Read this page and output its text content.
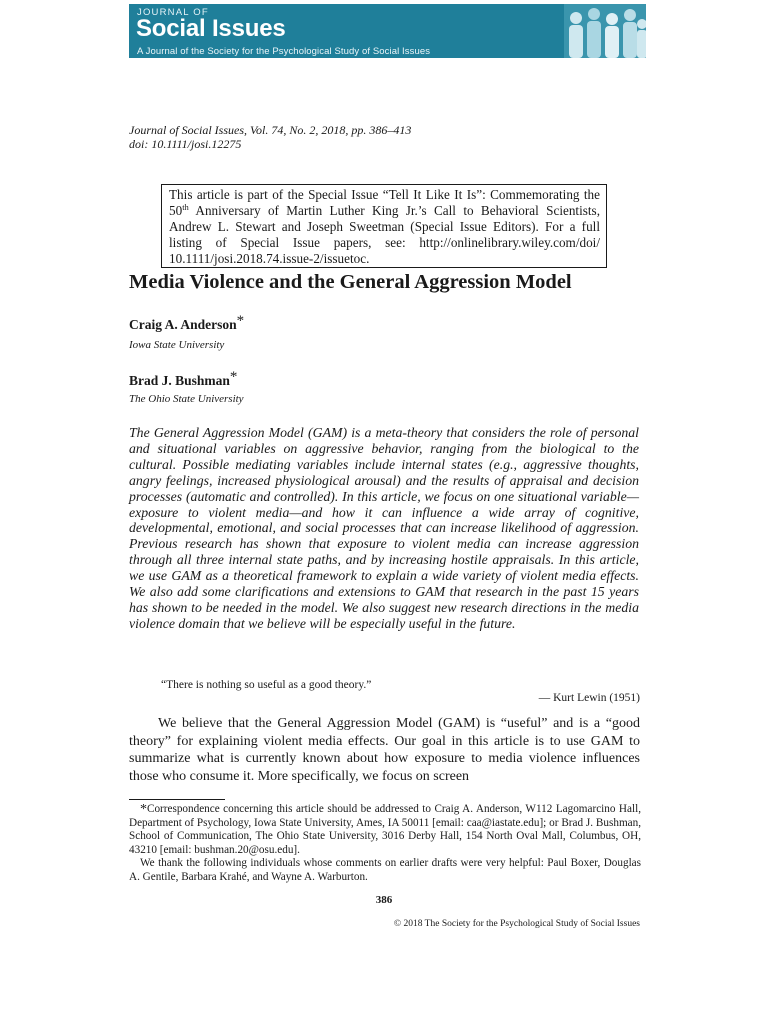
JOURNAL OF
Social Issues
A Journal of the Society for the Psychological Study of Social Issues
Journal of Social Issues, Vol. 74, No. 2, 2018, pp. 386–413
doi: 10.1111/josi.12275
This article is part of the Special Issue “Tell It Like It Is”: Commemorating the 50th Anniversary of Martin Luther King Jr.’s Call to Behavioral Scientists, Andrew L. Stewart and Joseph Sweetman (Special Issue Editors). For a full listing of Special Issue papers, see: http://onlinelibrary.wiley.com/doi/ 10.1111/josi.2018.74.issue-2/issuetoc.
Media Violence and the General Aggression Model
Craig A. Anderson*
Iowa State University
Brad J. Bushman*
The Ohio State University

The General Aggression Model (GAM) is a meta-theory that considers the role of personal and situational variables on aggressive behavior, ranging from the biological to the cultural. Possible mediating variables include internal states (e.g., aggressive thoughts, angry feelings, increased physiological arousal) and the results of appraisal and decision processes (automatic and controlled). In this article, we focus on one situational variable—exposure to violent media—and how it can influence a wide array of cognitive, developmental, emotional, and social processes that can increase likelihood of aggression. Previous research has shown that exposure to violent media can increase aggression through all three internal state paths, and by increasing hostile appraisals. In this article, we use GAM as a theoretical framework to explain a wide variety of violent media effects. We also add some clarifications and extensions to GAM that research in the past 15 years has shown to be needed in the model. We also suggest new research directions in the media violence domain that we believe will be especially useful in the future.

“There is nothing so useful as a good theory.”
— Kurt Lewin (1951)

We believe that the General Aggression Model (GAM) is “useful” and is a “good theory” for explaining violent media effects. Our goal in this article is to use GAM to summarize what is currently known about how exposure to media violence influences those who consume it. More specifically, we focus on screen

*Correspondence concerning this article should be addressed to Craig A. Anderson, W112 Lagomarcino Hall, Department of Psychology, Iowa State University, Ames, IA 50011 [email: caa@iastate.edu]; or Brad J. Bushman, School of Communication, The Ohio State University, 3016 Derby Hall, 154 North Oval Mall, Columbus, OH, 43210 [email: bushman.20@osu.edu].

We thank the following individuals whose comments on earlier drafts were very helpful: Paul Boxer, Douglas A. Gentile, Barbara Krahé, and Wayne A. Warburton.

386
© 2018 The Society for the Psychological Study of Social Issues
